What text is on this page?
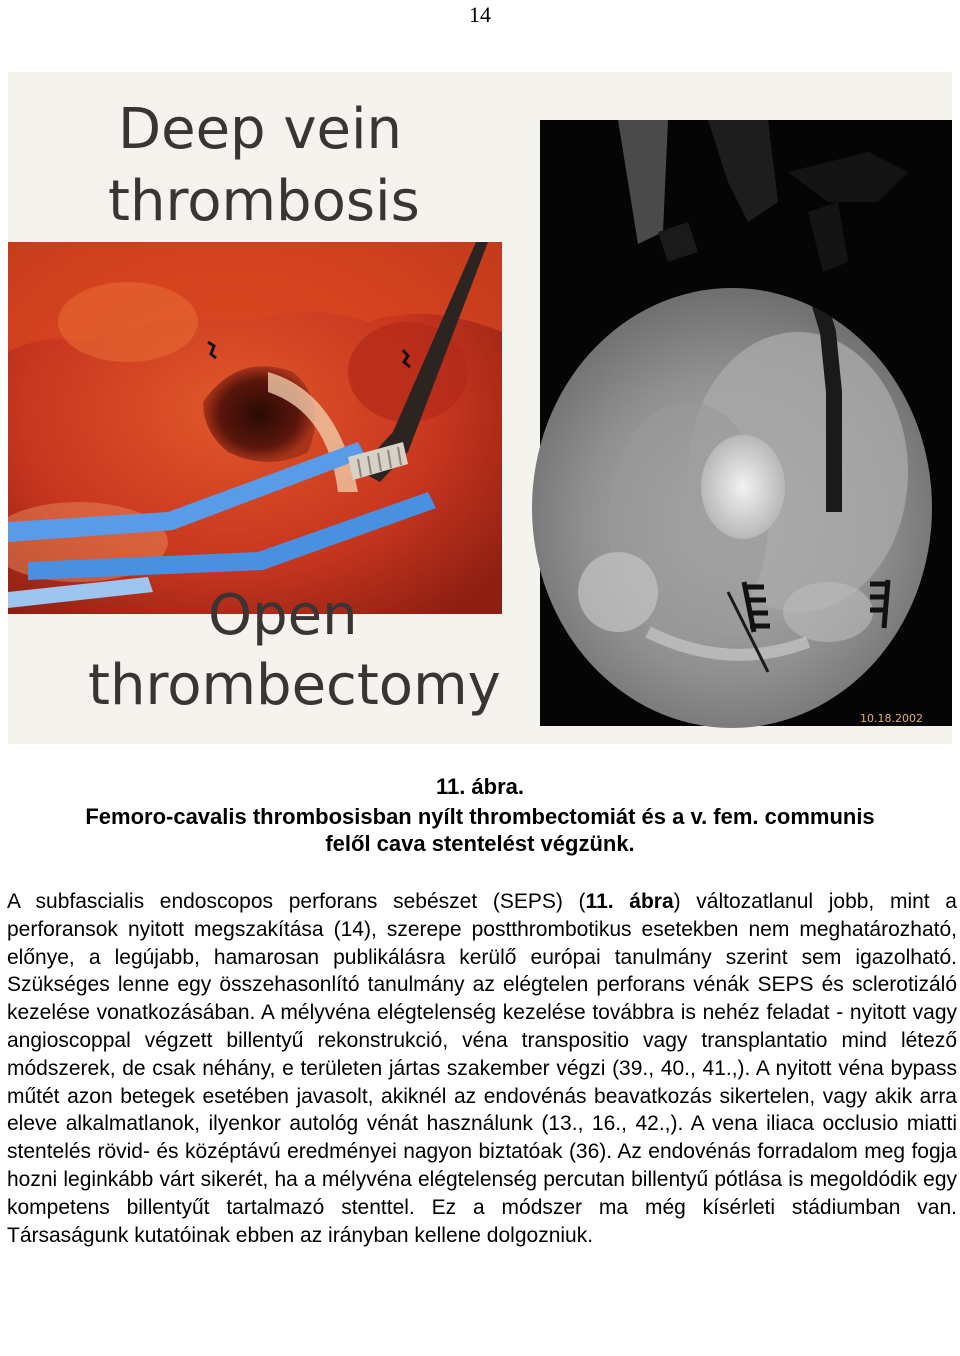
14
Deep vein
thrombosis
Open
thrombectomy
10.18.2002
11. ábra.
Femoro-cavalis thrombosisban nyílt thrombectomiát és a v. fem. communis
felől cava stentelést végzünk.

A subfascialis endoscopos perforans sebészet (SEPS) (11. ábra) változatlanul jobb, mint a perforansok nyitott megszakítása (14), szerepe postthrombotikus esetekben nem meghatározható, előnye, a legújabb, hamarosan publikálásra kerülő európai tanulmány szerint sem igazolható. Szükséges lenne egy összehasonlító tanulmány az elégtelen perforans vénák SEPS és sclerotizáló kezelése vonatkozásában. A mélyvéna elégtelenség kezelése továbbra is nehéz feladat - nyitott vagy angioscoppal végzett billentyű rekonstrukció, véna transpositio vagy transplantatio mind létező módszerek, de csak néhány, e területen jártas szakember végzi (39., 40., 41.,). A nyitott véna bypass műtét azon betegek esetében javasolt, akiknél az endovénás beavatkozás sikertelen, vagy akik arra eleve alkalmatlanok, ilyenkor autológ vénát használunk (13., 16., 42.,). A vena iliaca occlusio miatti stentelés rövid- és középtávú eredményei nagyon biztatóak (36). Az endovénás forradalom meg fogja hozni leginkább várt sikerét, ha a mélyvéna elégtelenség percutan billentyű pótlása is megoldódik egy kompetens billentyűt tartalmazó stenttel. Ez a módszer ma még kísérleti stádiumban van. Társaságunk kutatóinak ebben az irányban kellene dolgozniuk.
